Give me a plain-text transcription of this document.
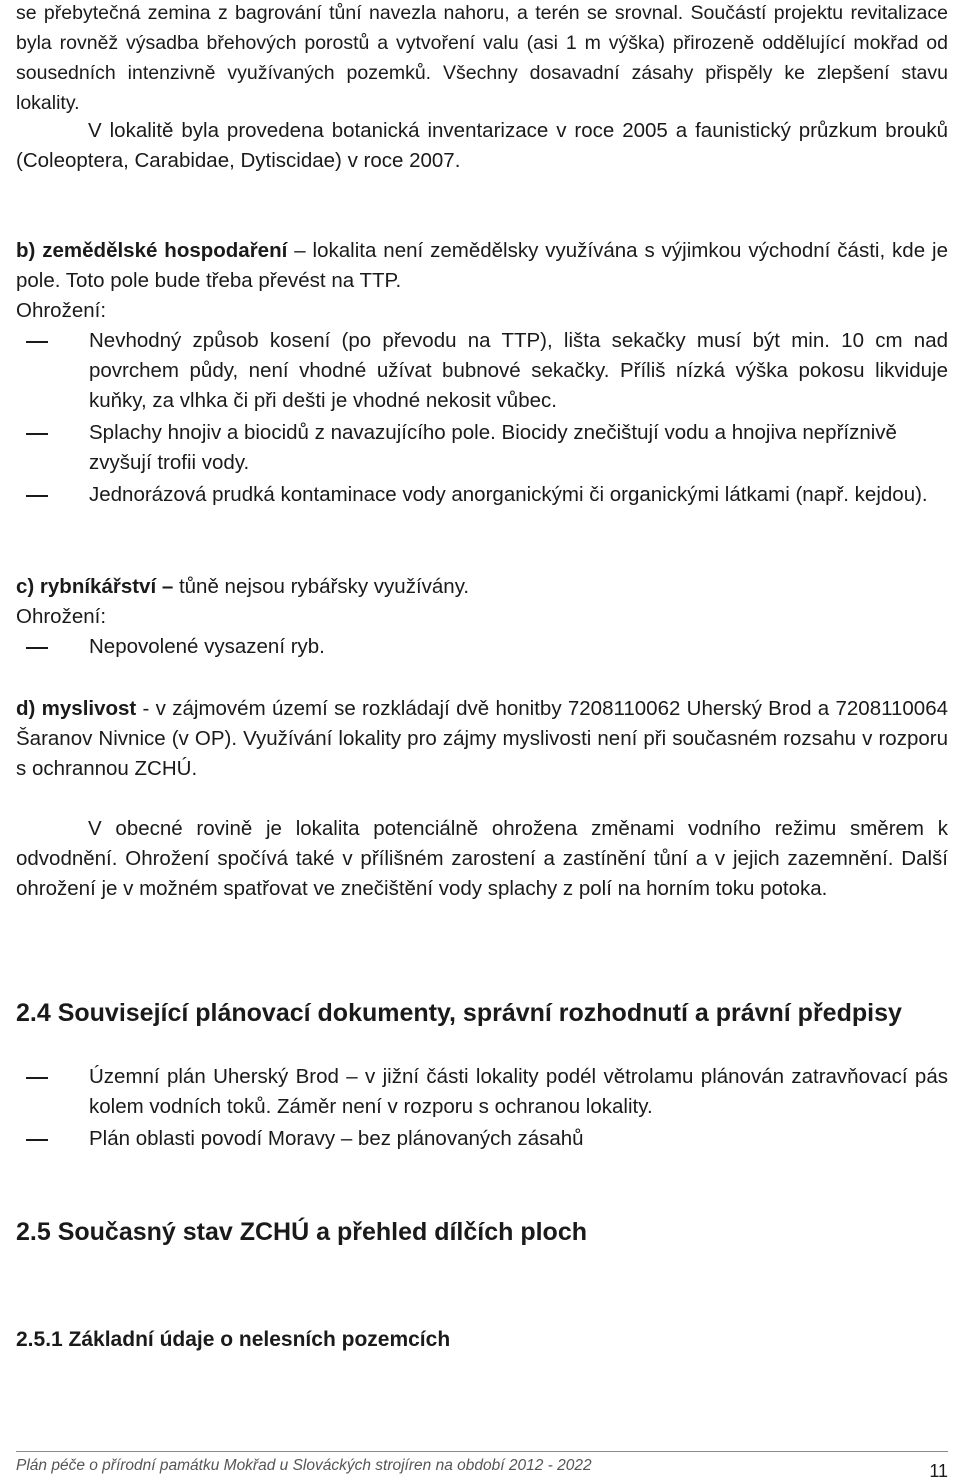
se přebytečná zemina z bagrování tůní navezla nahoru, a terén se srovnal. Součástí projektu revitalizace byla rovněž výsadba břehových porostů a vytvoření valu (asi 1 m výška) přirozeně oddělující mokřad od sousedních intenzivně využívaných pozemků. Všechny dosavadní zásahy přispěly ke zlepšení stavu lokality.

V lokalitě byla provedena botanická inventarizace v roce 2005 a faunistický průzkum brouků (Coleoptera, Carabidae, Dytiscidae) v roce 2007.

b) zemědělské hospodaření – lokalita není zemědělsky využívána s výjimkou východní části, kde je pole. Toto pole bude třeba převést na TTP.

Ohrožení:

Nevhodný způsob kosení (po převodu na TTP), lišta sekačky musí být min. 10 cm nad povrchem půdy, není vhodné užívat bubnové sekačky. Příliš nízká výška pokosu likviduje kuňky, za vlhka či při dešti je vhodné nekosit vůbec.
Splachy hnojiv a biocidů z navazujícího pole. Biocidy znečištují vodu a hnojiva nepříznivě zvyšují trofii vody.
Jednorázová prudká kontaminace vody anorganickými či organickými látkami (např. kejdou).

c) rybníkářství – tůně nejsou rybářsky využívány.

Ohrožení:

Nepovolené vysazení ryb.

d) myslivost - v zájmovém území se rozkládají dvě honitby 7208110062 Uherský Brod a 7208110064 Šaranov Nivnice (v OP). Využívání lokality pro zájmy myslivosti není při současném rozsahu v rozporu s ochrannou ZCHÚ.

V obecné rovině je lokalita potenciálně ohrožena změnami vodního režimu směrem k odvodnění. Ohrožení spočívá také v přílišném zarostení a zastínění tůní a v jejich zazemnění. Další ohrožení je v možném spatřovat ve znečištění vody splachy z polí na horním toku potoka.

2.4 Související plánovací dokumenty, správní rozhodnutí a právní předpisy
Územní plán Uherský Brod – v jižní části lokality podél větrolamu plánován zatravňovací pás kolem vodních toků. Záměr není v rozporu s ochranou lokality.
Plán oblasti povodí Moravy – bez plánovaných zásahů
2.5 Současný stav ZCHÚ a přehled dílčích ploch
2.5.1 Základní údaje o nelesních pozemcích
Plán péče o přírodní památku Mokřad u Slováckých strojíren na období 2012 - 2022	11
